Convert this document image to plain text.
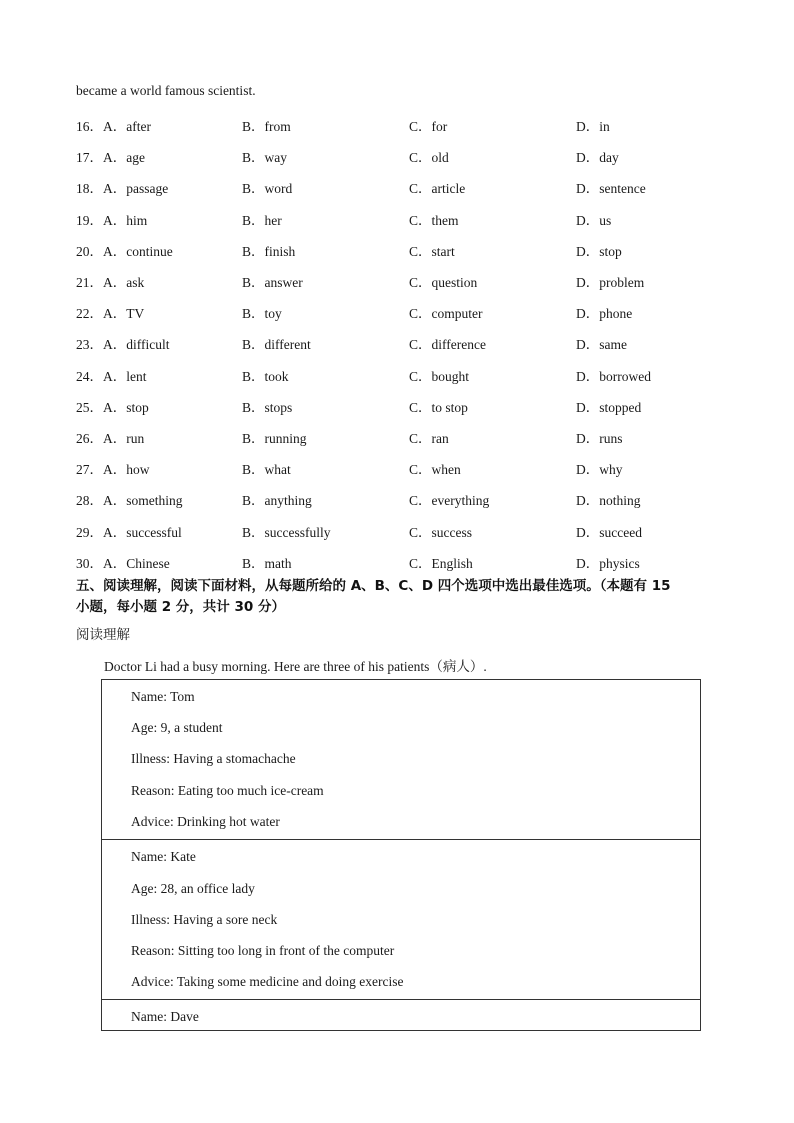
became a world famous scientist.
16．A．after	B．from	C．for	D．in
17．A．age	B．way	C．old	D．day
18．A．passage	B．word	C．article	D．sentence
19．A．him	B．her	C．them	D．us
20．A．continue	B．finish	C．start	D．stop
21．A．ask	B．answer	C．question	D．problem
22．A．TV	B．toy	C．computer	D．phone
23．A．difficult	B．different	C．difference	D．same
24．A．lent	B．took	C．bought	D．borrowed
25．A．stop	B．stops	C．to stop	D．stopped
26．A．run	B．running	C．ran	D．runs
27．A．how	B．what	C．when	D．why
28．A．something	B．anything	C．everything	D．nothing
29．A．successful	B．successfully	C．success	D．succeed
30．A．Chinese	B．math	C．English	D．physics
五、阅读理解，阅读下面材料，从每题所给的 A、B、C、D 四个选项中选出最佳选项。（本题有 15
小题，每小题 2 分，共计 30 分）
阅读理解
Doctor Li had a busy morning. Here are three of his patients（病人）.
Name: Tom
Age: 9, a student
Illness: Having a stomachache
Reason: Eating too much ice-cream
Advice: Drinking hot water
Name: Kate
Age: 28, an office lady
Illness: Having a sore neck
Reason: Sitting too long in front of the computer
Advice: Taking some medicine and doing exercise
Name: Dave
